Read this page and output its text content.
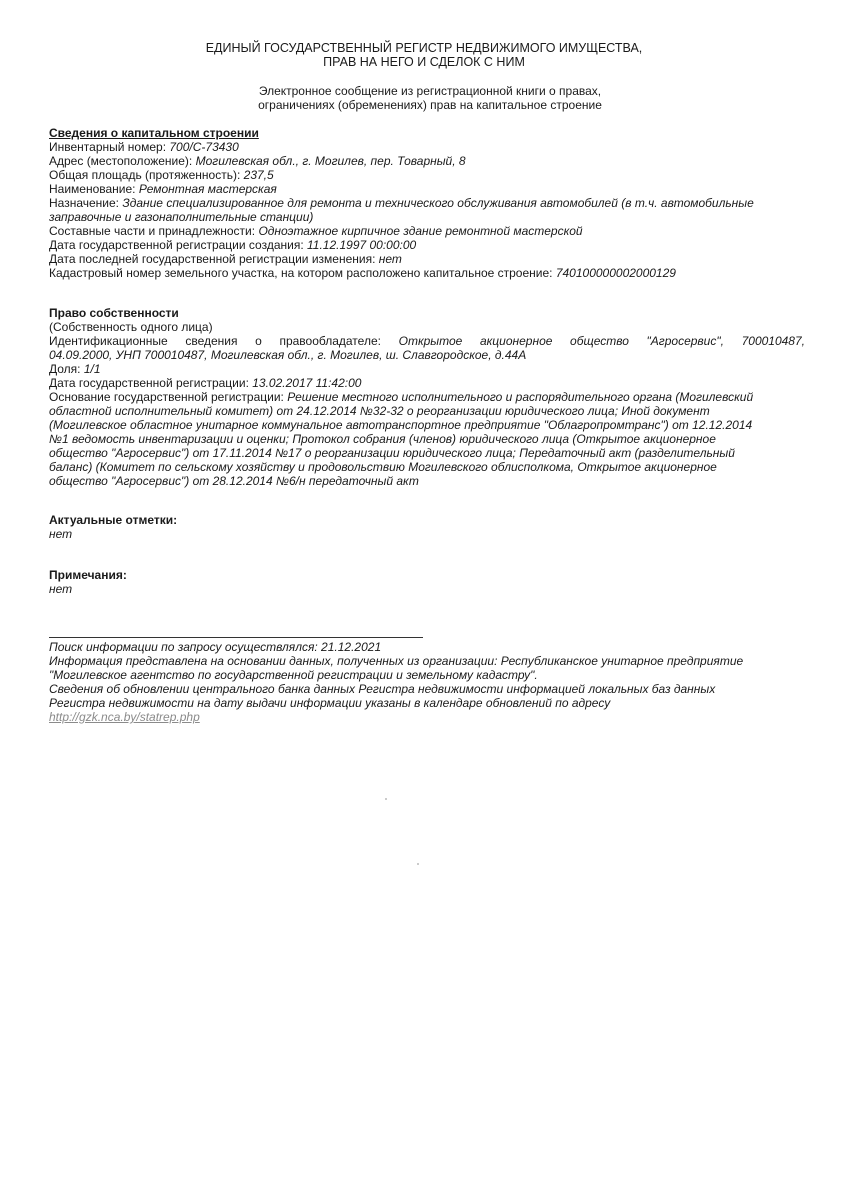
ЕДИНЫЙ ГОСУДАРСТВЕННЫЙ РЕГИСТР НЕДВИЖИМОГО ИМУЩЕСТВА,
ПРАВ НА НЕГО И СДЕЛОК С НИМ
Электронное сообщение из регистрационной книги о правах,
ограничениях (обременениях) прав на капитальное строение
Сведения о капитальном строении
Инвентарный номер: 700/C-73430
Адрес (местоположение): Могилевская обл., г. Могилев, пер. Товарный, 8
Общая площадь (протяженность): 237,5
Наименование: Ремонтная мастерская
Назначение: Здание специализированное для ремонта и технического обслуживания автомобилей (в т.ч. автомобильные
заправочные и газонаполнительные станции)
Составные части и принадлежности: Одноэтажное кирпичное здание ремонтной мастерской
Дата государственной регистрации создания: 11.12.1997 00:00:00
Дата последней государственной регистрации изменения: нет
Кадастровый номер земельного участка, на котором расположено капитальное строение: 740100000002000129
Право собственности
(Собственность одного лица)
Идентификационные сведения о правообладателе: Открытое акционерное общество "Агросервис", 700010487,
04.09.2000, УНП 700010487, Могилевская обл., г. Могилев, ш. Славгородское, д.44А
Доля: 1/1
Дата государственной регистрации: 13.02.2017 11:42:00
Основание государственной регистрации: Решение местного исполнительного и распорядительного органа (Могилевский
областной исполнительный комитет) от 24.12.2014 №32-32 о реорганизации юридического лица; Иной документ
(Могилевское областное унитарное коммунальное автотранспортное предприятие "Облагропромтранс") от 12.12.2014
№1 ведомость инвентаризации и оценки; Протокол собрания (членов) юридического лица (Открытое акционерное
общество "Агросервис") от 17.11.2014 №17 о реорганизации юридического лица; Передаточный акт (разделительный
баланс) (Комитет по сельскому хозяйству и продовольствию Могилевского облисполкома, Открытое акционерное
общество "Агросервис") от 28.12.2014 №6/н передаточный акт
Актуальные отметки:
нет
Примечания:
нет
Поиск информации по запросу осуществлялся: 21.12.2021
Информация представлена на основании данных, полученных из организации: Республиканское унитарное предприятие
"Могилевское агентство по государственной регистрации и земельному кадастру".
Сведения об обновлении центрального банка данных Регистра недвижимости информацией локальных баз данных
Регистра недвижимости на дату выдачи информации указаны в календаре обновлений по адресу
http://gzk.nca.by/statrep.php
